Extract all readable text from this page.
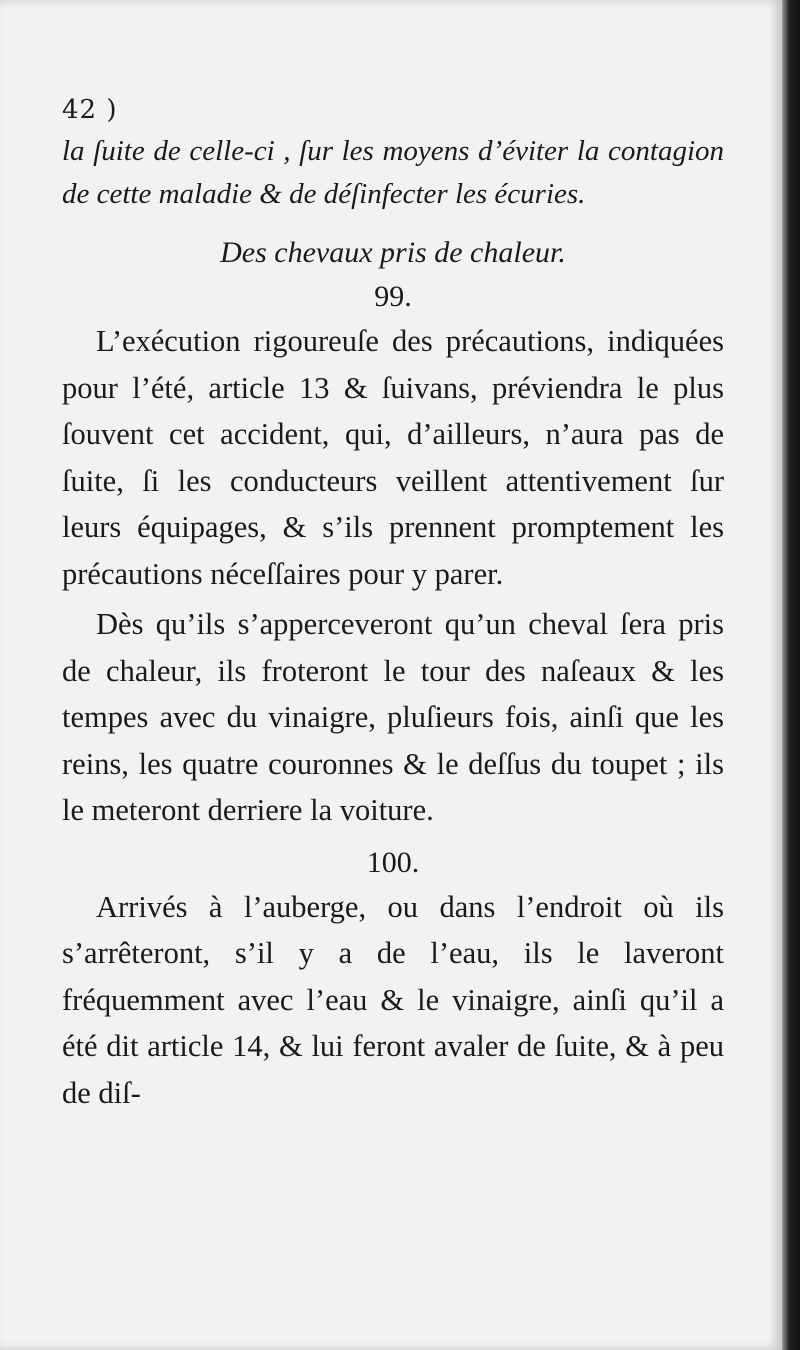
42 )

la ſuite de celle-ci , ſur les moyens d’éviter la contagion de cette maladie & de déſinfecter les écuries.

Des chevaux pris de chaleur.

99.

L’exécution rigoureuſe des précautions, indiquées pour l’été, article 13 & ſuivans, préviendra le plus ſouvent cet accident, qui, d’ailleurs, n’aura pas de ſuite, ſi les conducteurs veillent attentivement ſur leurs équipages, & s’ils prennent promptement les précautions néceſſaires pour y parer.

Dès qu’ils s’apperceveront qu’un cheval ſera pris de chaleur, ils froteront le tour des naſeaux & les tempes avec du vinaigre, pluſieurs fois, ainſi que les reins, les quatre couronnes & le deſſus du toupet ; ils le meteront derriere la voiture.

100.

Arrivés à l’auberge, ou dans l’endroit où ils s’arrêteront, s’il y a de l’eau, ils le laveront fréquemment avec l’eau & le vinaigre, ainſi qu’il a été dit article 14, & lui feront avaler de ſuite, & à peu de diſ-
